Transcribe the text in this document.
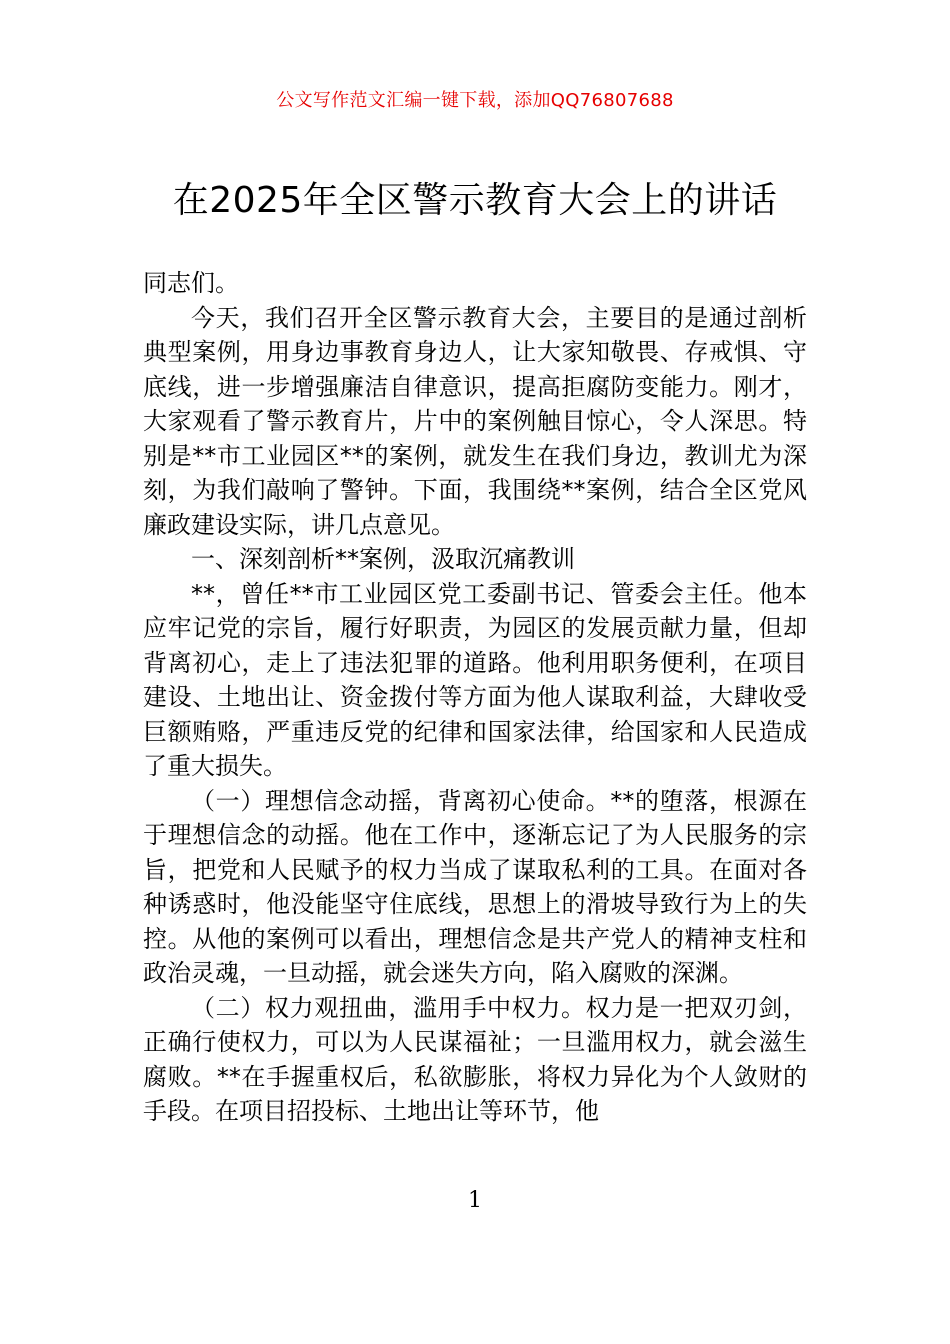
公文写作范文汇编一键下载，添加QQ76807688
在2025年全区警示教育大会上的讲话

同志们。

今天，我们召开全区警示教育大会，主要目的是通过剖析典型案例，用身边事教育身边人，让大家知敬畏、存戒惧、守底线，进一步增强廉洁自律意识，提高拒腐防变能力。刚才，大家观看了警示教育片，片中的案例触目惊心，令人深思。特别是**市工业园区**的案例，就发生在我们身边，教训尤为深刻，为我们敲响了警钟。下面，我围绕**案例，结合全区党风廉政建设实际，讲几点意见。

一、深刻剖析**案例，汲取沉痛教训

**，曾任**市工业园区党工委副书记、管委会主任。他本应牢记党的宗旨，履行好职责，为园区的发展贡献力量，但却背离初心，走上了违法犯罪的道路。他利用职务便利，在项目建设、土地出让、资金拨付等方面为他人谋取利益，大肆收受巨额贿赂，严重违反党的纪律和国家法律，给国家和人民造成了重大损失。

（一）理想信念动摇，背离初心使命。**的堕落，根源在于理想信念的动摇。他在工作中，逐渐忘记了为人民服务的宗旨，把党和人民赋予的权力当成了谋取私利的工具。在面对各种诱惑时，他没能坚守住底线，思想上的滑坡导致行为上的失控。从他的案例可以看出，理想信念是共产党人的精神支柱和政治灵魂，一旦动摇，就会迷失方向，陷入腐败的深渊。

（二）权力观扭曲，滥用手中权力。权力是一把双刃剑，正确行使权力，可以为人民谋福祉；一旦滥用权力，就会滋生腐败。**在手握重权后，私欲膨胀，将权力异化为个人敛财的手段。在项目招投标、土地出让等环节，他

1
